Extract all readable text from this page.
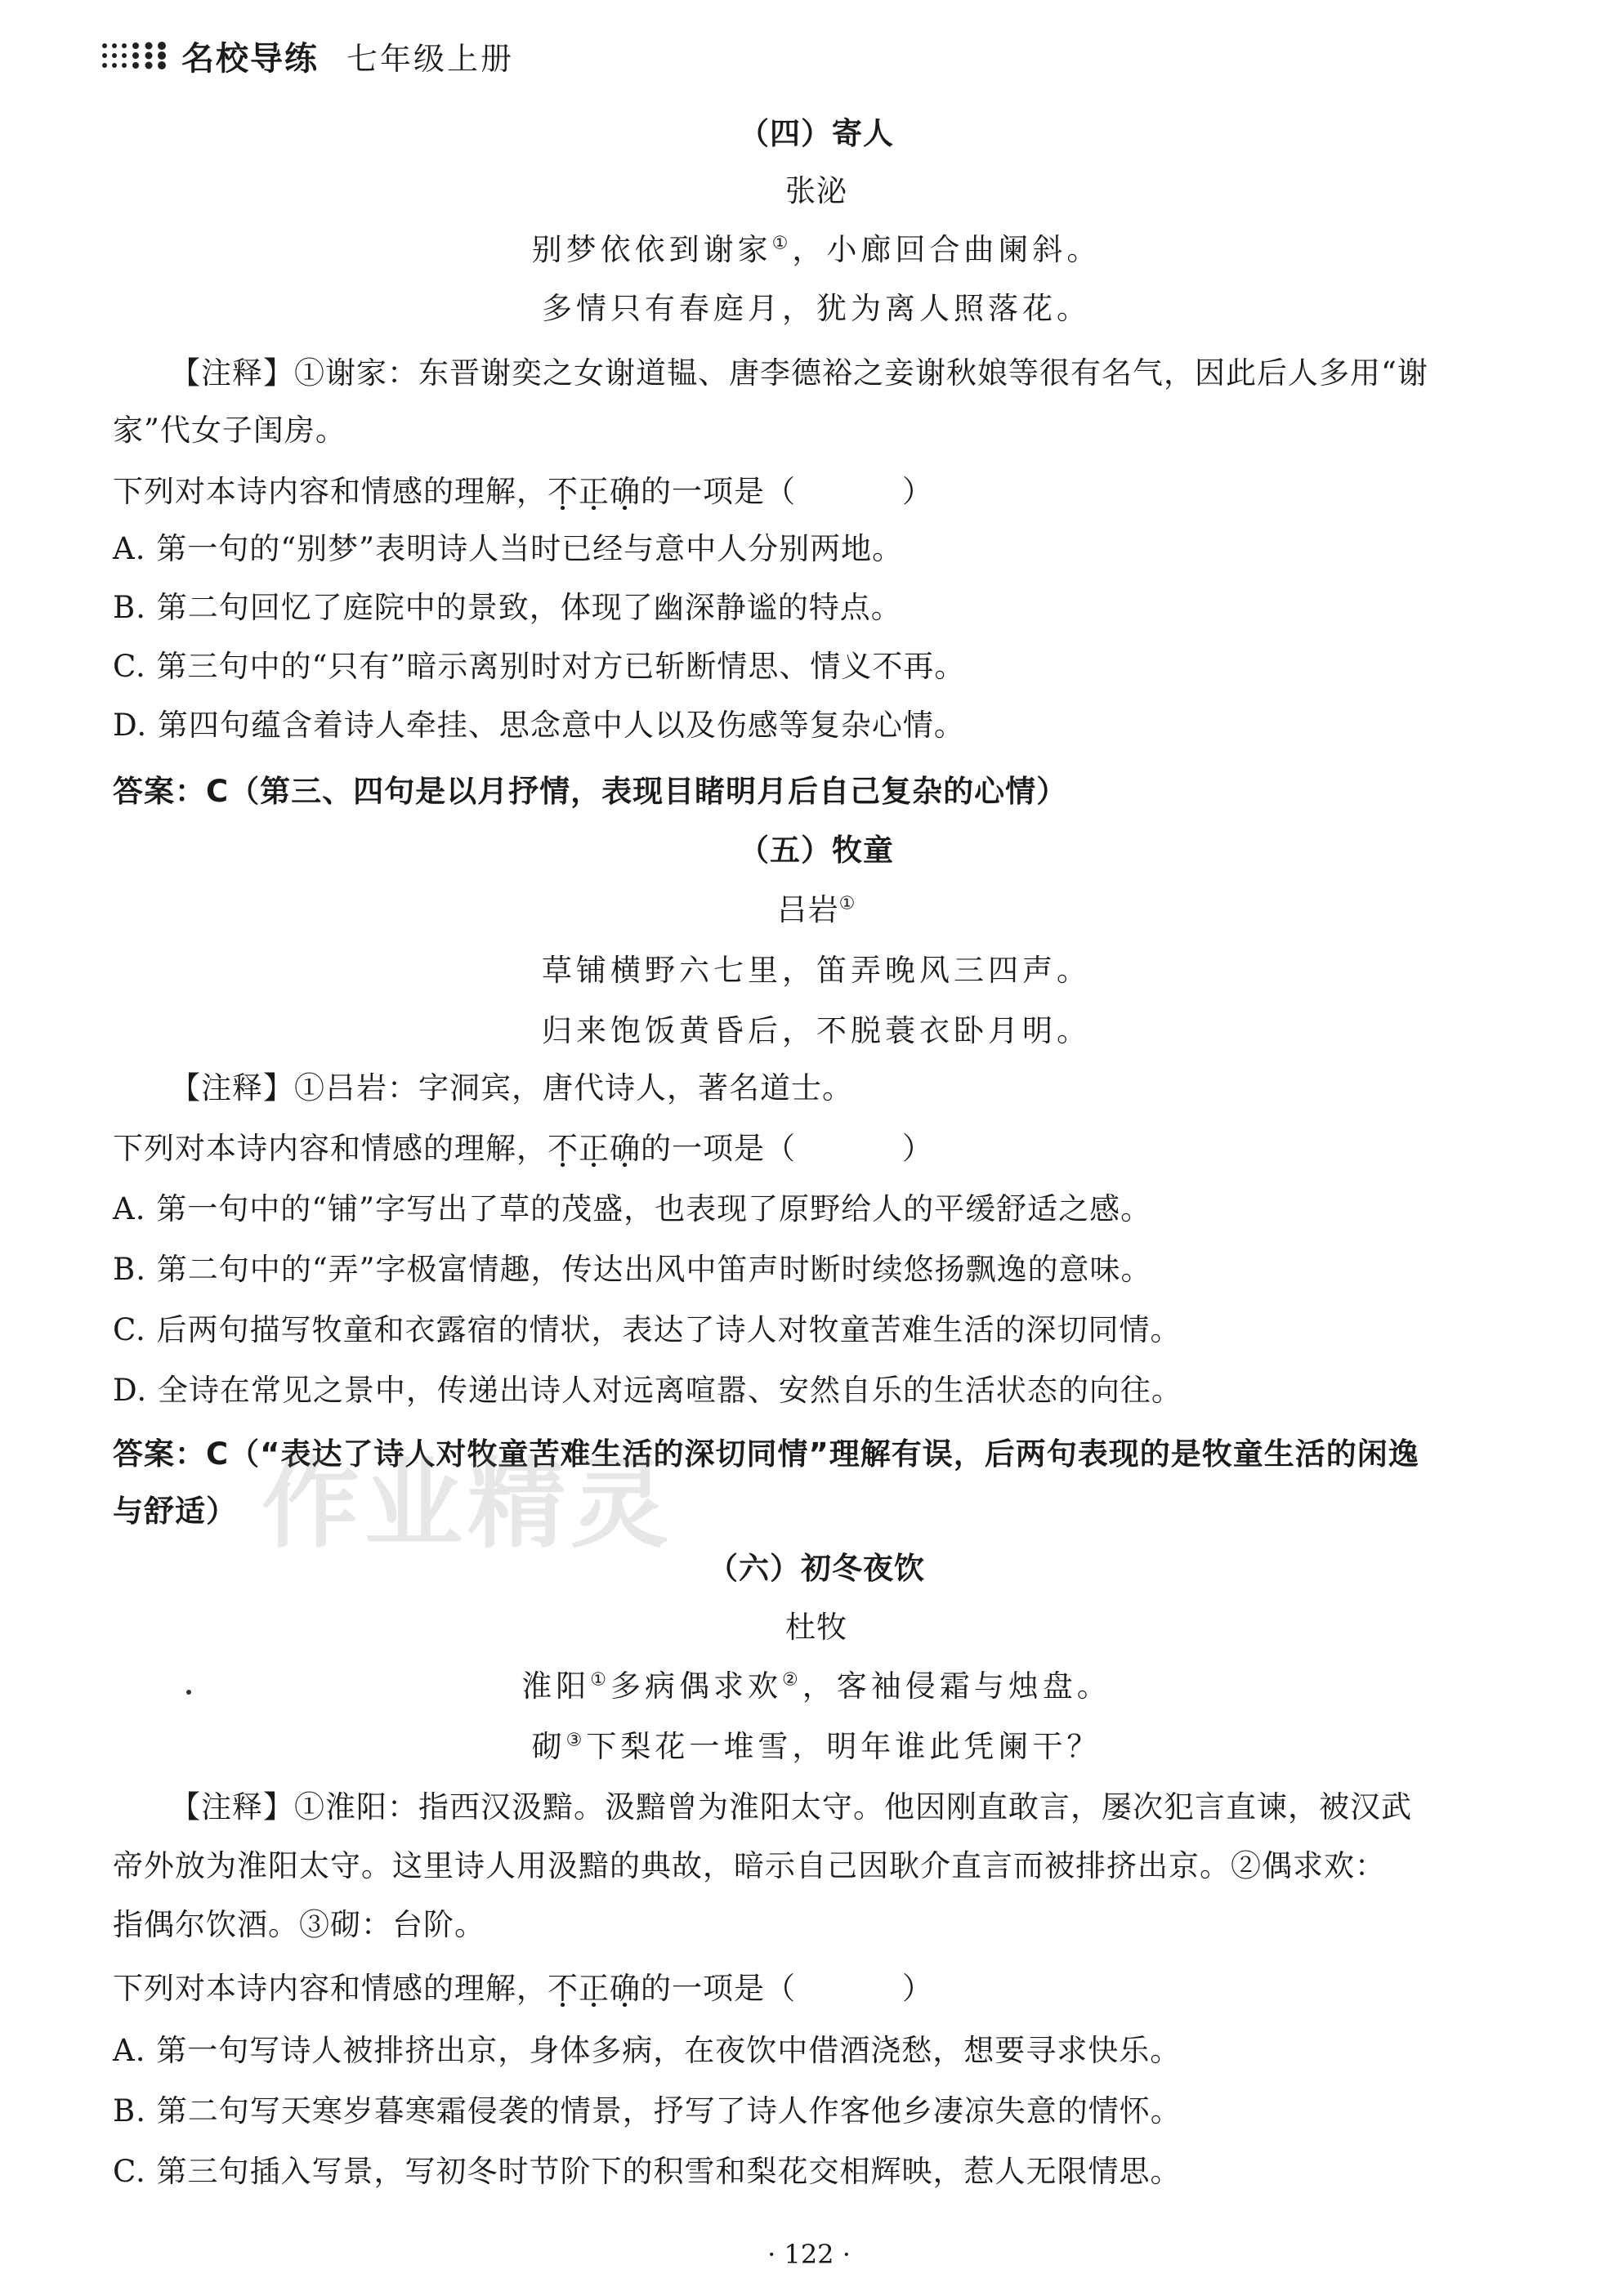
名校导练 七年级上册
（四）寄人
张泌
别梦依依到谢家①，小廊回合曲阑斜。
多情只有春庭月，犹为离人照落花。
【注释】①谢家：东晋谢奕之女谢道韫、唐李德裕之妾谢秋娘等很有名气，因此后人多用“谢
家”代女子闺房。
下列对本诗内容和情感的理解，不正确的一项是（	）
A. 第一句的“别梦”表明诗人当时已经与意中人分别两地。
B. 第二句回忆了庭院中的景致，体现了幽深静谧的特点。
C. 第三句中的“只有”暗示离别时对方已斩断情思、情义不再。
D. 第四句蕴含着诗人牵挂、思念意中人以及伤感等复杂心情。
答案：C（第三、四句是以月抒情，表现目睹明月后自己复杂的心情）
（五）牧童
吕岩①
草铺横野六七里，笛弄晚风三四声。
归来饱饭黄昏后，不脱蓑衣卧月明。
【注释】①吕岩：字洞宾，唐代诗人，著名道士。
下列对本诗内容和情感的理解，不正确的一项是（	）
A. 第一句中的“铺”字写出了草的茂盛，也表现了原野给人的平缓舒适之感。
B. 第二句中的“弄”字极富情趣，传达出风中笛声时断时续悠扬飘逸的意味。
C. 后两句描写牧童和衣露宿的情状，表达了诗人对牧童苦难生活的深切同情。
D. 全诗在常见之景中，传递出诗人对远离喧嚣、安然自乐的生活状态的向往。
答案：C（“表达了诗人对牧童苦难生活的深切同情”理解有误，后两句表现的是牧童生活的闲逸
与舒适） 作业精灵
（六）初冬夜饮
杜牧
淮阳①多病偶求欢②，客袖侵霜与烛盘。
砌③下梨花一堆雪，明年谁此凭阑干？
【注释】①淮阳：指西汉汲黯。汲黯曾为淮阳太守。他因刚直敢言，屡次犯言直谏，被汉武
帝外放为淮阳太守。这里诗人用汲黯的典故，暗示自己因耿介直言而被排挤出京。②偶求欢：
指偶尔饮酒。③砌：台阶。
下列对本诗内容和情感的理解，不正确的一项是（	）
A. 第一句写诗人被排挤出京，身体多病，在夜饮中借酒浇愁，想要寻求快乐。
B. 第二句写天寒岁暮寒霜侵袭的情景，抒写了诗人作客他乡凄凉失意的情怀。
C. 第三句插入写景，写初冬时节阶下的积雪和梨花交相辉映，惹人无限情思。
· 122 ·
